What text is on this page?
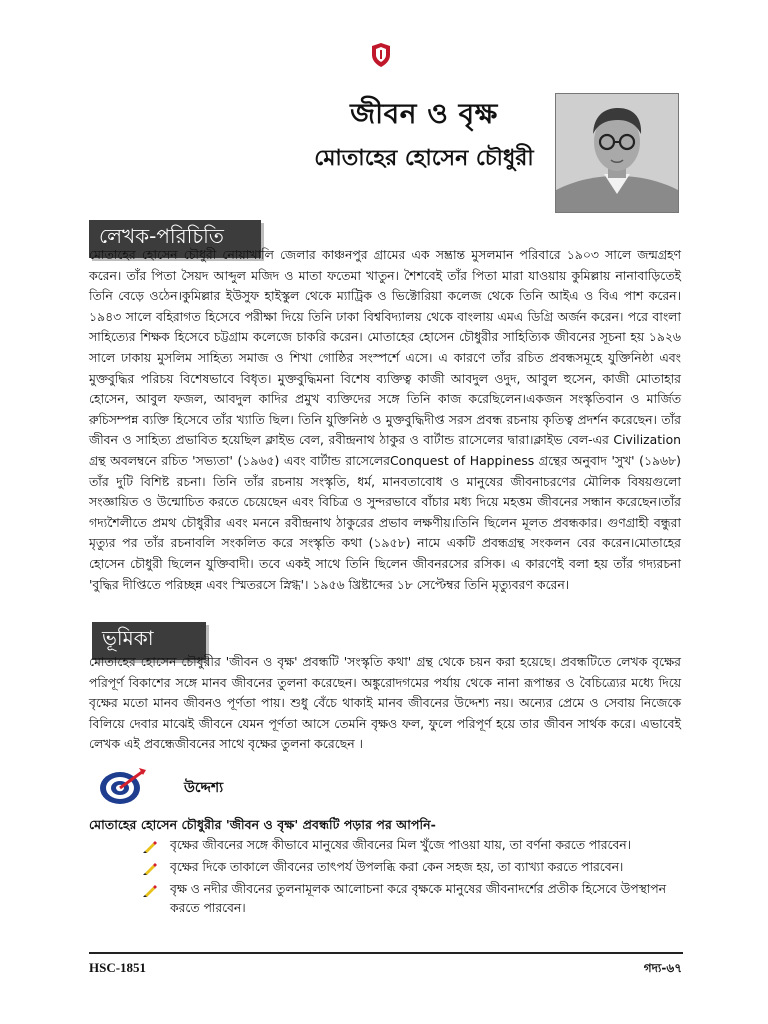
জীবন ও বৃক্ষ
মোতাহের হোসেন চৌধুরী
লেখক-পরিচিতি

মোতাহের হোসেন চৌধুরী নোয়াখালি জেলার কাঞ্চনপুর গ্রামের এক সম্ভ্রান্ত মুসলমান পরিবারে ১৯০৩ সালে জন্মগ্রহণ করেন। তাঁর পিতা সৈয়দ আব্দুল মজিদ ও মাতা ফতেমা খাতুন। শৈশবেই তাঁর পিতা মারা যাওয়ায় কুমিল্লায় নানাবাড়িতেই তিনি বেড়ে ওঠেন।কুমিল্লার ইউসুফ হাইস্কুল থেকে ম্যাট্রিক ও ভিক্টোরিয়া কলেজ থেকে তিনি আইএ ও বিএ পাশ করেন। ১৯৪৩ সালে বহিরাগত হিসেবে পরীক্ষা দিয়ে তিনি ঢাকা বিশ্ববিদ্যালয় থেকে বাংলায় এমএ ডিগ্রি অর্জন করেন। পরে বাংলা সাহিত্যের শিক্ষক হিসেবে চট্টগ্রাম কলেজে চাকরি করেন। মোতাহের হোসেন চৌধুরীর সাহিত্যিক জীবনের সূচনা হয় ১৯২৬ সালে ঢাকায় মুসলিম সাহিত্য সমাজ ও শিখা গোষ্ঠির সংস্পর্শে এসে। এ কারণে তাঁর রচিত প্রবন্ধসমূহে যুক্তিনিষ্ঠা এবং মুক্তবুদ্ধির পরিচয় বিশেষভাবে বিধৃত। মুক্তবুদ্ধিমনা বিশেষ ব্যক্তিত্ব কাজী আবদুল ওদুদ, আবুল হুসেন, কাজী মোতাহার হোসেন, আবুল ফজল, আবদুল কাদির প্রমুখ ব্যক্তিদের সঙ্গে তিনি কাজ করেছিলেন।একজন সংস্কৃতিবান ও মার্জিত রুচিসম্পন্ন ব্যক্তি হিসেবে তাঁর খ্যাতি ছিল। তিনি যুক্তিনিষ্ঠ ও মুক্তবুদ্ধিদীপ্ত সরস প্রবন্ধ রচনায় কৃতিত্ব প্রদর্শন করেছেন। তাঁর জীবন ও সাহিত্য প্রভাবিত হয়েছিল ক্লাইভ বেল, রবীন্দ্রনাথ ঠাকুর ও বার্টান্ড রাসেলের দ্বারা।ক্লাইভ বেল-এর Civilization গ্রন্থ অবলম্বনে রচিত 'সভ্যতা' (১৯৬৫) এবং বার্টান্ড রাসেলেরConquest of Happiness গ্রন্থের অনুবাদ 'সুখ' (১৯৬৮) তাঁর দুটি বিশিষ্ট রচনা। তিনি তাঁর রচনায় সংস্কৃতি, ধর্ম, মানবতাবোধ ও মানুষের জীবনাচরণের মৌলিক বিষয়গুলো সংজ্ঞায়িত ও উন্মোচিত করতে চেয়েছেন এবং বিচিত্র ও সুন্দরভাবে বাঁচার মধ্য দিয়ে মহত্তম জীবনের সন্ধান করেছেন।তাঁর গদ্যশৈলীতে প্রমথ চৌধুরীর এবং মননে রবীন্দ্রনাথ ঠাকুরের প্রভাব লক্ষণীয়।তিনি ছিলেন মূলত প্রবন্ধকার। গুণগ্রাহী বন্ধুরা মৃত্যুর পর তাঁর রচনাবলি সংকলিত করে সংস্কৃতি কথা (১৯৫৮) নামে একটি প্রবন্ধগ্রন্থ সংকলন বের করেন।মোতাহের হোসেন চৌধুরী ছিলেন যুক্তিবাদী। তবে একই সাথে তিনি ছিলেন জীবনরসের রসিক। এ কারণেই বলা হয় তাঁর গদ্যরচনা 'বুদ্ধির দীপ্তিতে পরিচ্ছন্ন এবং স্মিতরসে স্নিগ্ধ'। ১৯৫৬ খ্রিষ্টাব্দের ১৮ সেপ্টেম্বর তিনি মৃত্যুবরণ করেন।

ভূমিকা

মোতাহের হোসেন চৌধুরীর 'জীবন ও বৃক্ষ' প্রবন্ধটি 'সংস্কৃতি কথা' গ্রন্থ থেকে চয়ন করা হয়েছে। প্রবন্ধটিতে লেখক বৃক্ষের পরিপূর্ণ বিকাশের সঙ্গে মানব জীবনের তুলনা করেছেন। অঙ্কুরোদগমের পর্যায় থেকে নানা রূপান্তর ও বৈচিত্র্যের মধ্যে দিয়ে বৃক্ষের মতো মানব জীবনও পূর্ণতা পায়। শুধু বেঁচে থাকাই মানব জীবনের উদ্দেশ্য নয়। অন্যের প্রেমে ও সেবায় নিজেকে বিলিয়ে দেবার মাঝেই জীবনে যেমন পূর্ণতা আসে তেমনি বৃক্ষও ফল, ফুলে পরিপূর্ণ হয়ে তার জীবন সার্থক করে। এভাবেই লেখক এই প্রবন্ধেজীবনের সাথে বৃক্ষের তুলনা করেছেন ।

উদ্দেশ্য
মোতাহের হোসেন চৌধুরীর 'জীবন ও বৃক্ষ' প্রবন্ধটি পড়ার পর আপনি-
বৃক্ষের জীবনের সঙ্গে কীভাবে মানুষের জীবনের মিল খুঁজে পাওয়া যায়, তা বর্ণনা করতে পারবেন।
বৃক্ষের দিকে তাকালে জীবনের তাৎপর্য উপলব্ধি করা কেন সহজ হয়, তা ব্যাখ্যা করতে পারবেন।
বৃক্ষ ও নদীর জীবনের তুলনামূলক আলোচনা করে বৃক্ষকে মানুষের জীবনাদর্শের প্রতীক হিসেবে উপস্থাপন করতে পারবেন।
HSC-1851	গদ্য-৬৭
